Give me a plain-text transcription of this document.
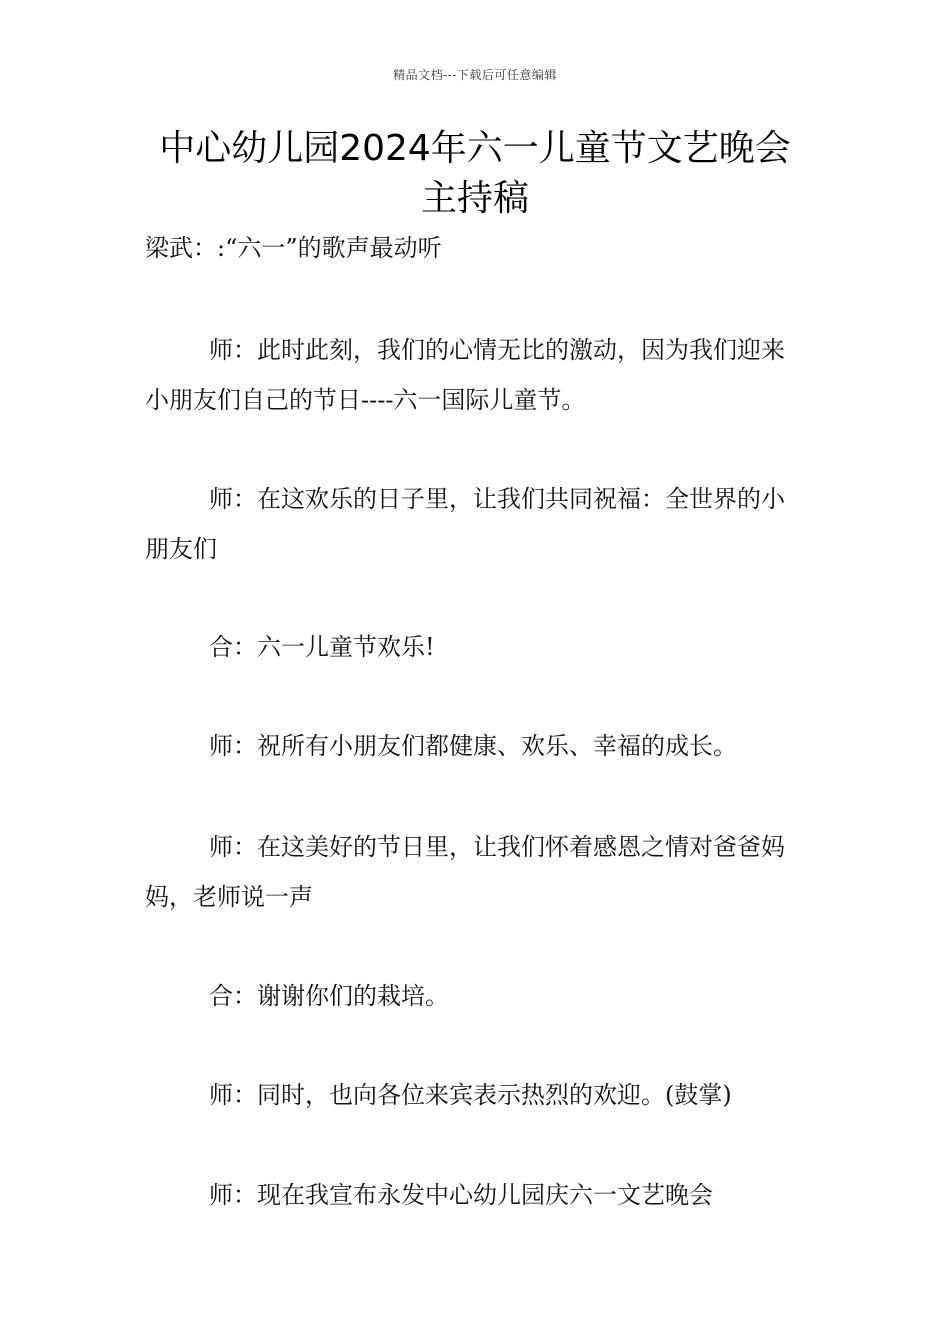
精品文档---下载后可任意编辑
中心幼儿园2024年六一儿童节文艺晚会主持稿
梁武：:“六一”的歌声最动听

师：此时此刻，我们的心情无比的激动，因为我们迎来小朋友们自己的节日----六一国际儿童节。

师：在这欢乐的日子里，让我们共同祝福：全世界的小朋友们

合：六一儿童节欢乐!

师：祝所有小朋友们都健康、欢乐、幸福的成长。

师：在这美好的节日里，让我们怀着感恩之情对爸爸妈妈，老师说一声

合：谢谢你们的栽培。

师：同时，也向各位来宾表示热烈的欢迎。(鼓掌)

师：现在我宣布永发中心幼儿园庆六一文艺晚会
